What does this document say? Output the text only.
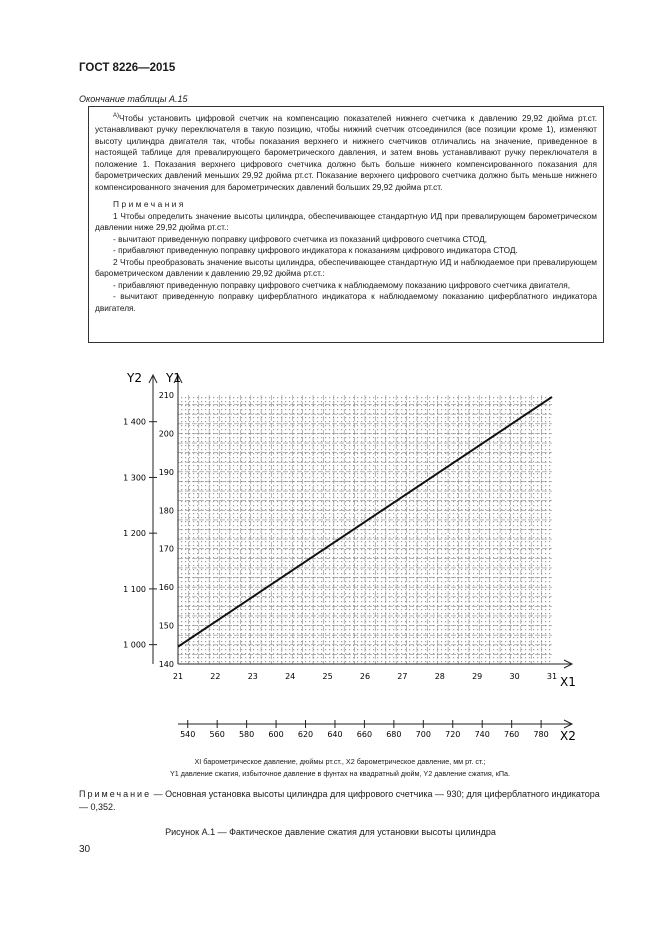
ГОСТ 8226—2015
Окончание таблицы А.15

$^{А)}$Чтобы установить цифровой счетчик на компенсацию показателей нижнего счетчика к давлению 29,92 дюйма рт.ст. устанавливают ручку переключателя в такую позицию, чтобы нижний счетчик отсоединился (все позиции кроме 1), изменяют высоту цилиндра двигателя так, чтобы показания верхнего и нижнего счетчиков отличались на значение, приведенное в настоящей таблице для превалирующего барометрического давления, и затем вновь устанавливают ручку переключателя в положение 1. Показания верхнего цифрового счетчика должно быть больше нижнего компенсированного показания для барометрических давлений меньших 29,92 дюйма рт.ст. Показание верхнего цифрового счетчика должно быть меньше нижнего компенсированного значения для барометрических давлений больших 29,92 дюйма рт.ст.

Примечания

1 Чтобы определить значение высоты цилиндра, обеспечивающее стандартную ИД при превалирующем барометрическом давлении ниже 29,92 дюйма рт.ст.:

- вычитают приведенную поправку цифрового счетчика из показаний цифрового счетчика СТОД,

- прибавляют приведенную поправку цифрового индикатора к показаниям цифрового индикатора СТОД.

2 Чтобы преобразовать значение высоты цилиндра, обеспечивающее стандартную ИД и наблюдаемое при превалирующем барометрическом давлении к давлению 29,92 дюйма рт.ст.:

- прибавляют приведенную поправку цифрового счетчика к наблюдаемому показанию цифрового счетчика двигателя,

- вычитают приведенную поправку циферблатного индикатора к наблюдаемому показанию циферблатного индикатора двигателя.

Y1
Y2
X1
X2
140
150
160
170
180
190
200
210
21	22	23	24	25	26	27	28	29	30	31
1 000
1 100
1 200
1 300
1 400
540 560 580 600 620 640 660 680 700 720 740 760 780
XI барометрическое давление, дюймы рт.ст., Х2 барометрическое давление, мм рт. ст.;
Y1 давление сжатия, избыточное давление в фунтах на квадратный дюйм, Y2 давление сжатия, кПа.
Примечание — Основная установка высоты цилиндра для цифрового счетчика — 930; для циферблатного индикатора — 0,352.
Рисунок А.1 — Фактическое давление сжатия для установки высоты цилиндра
30
